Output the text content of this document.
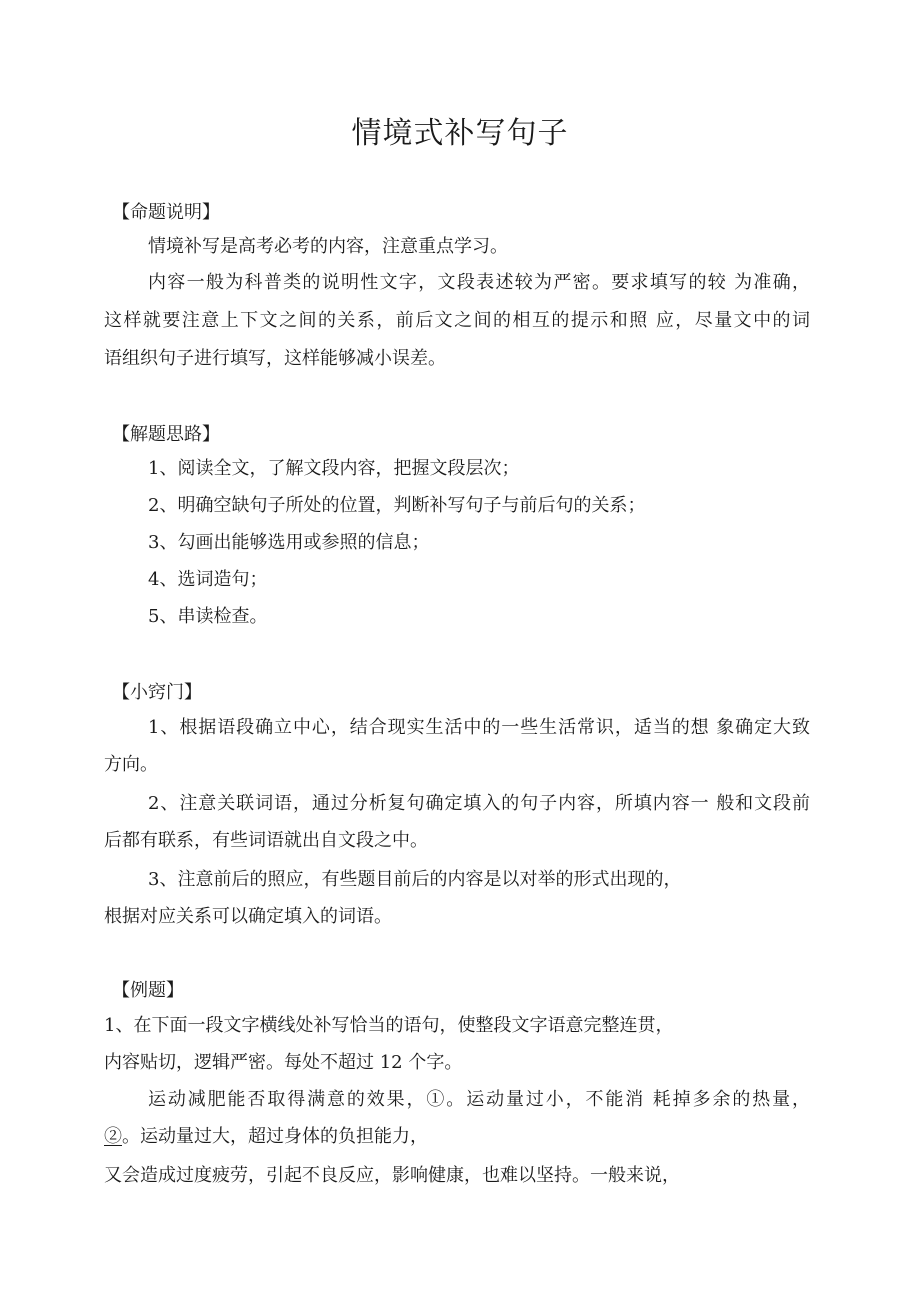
情境式补写句子

【命题说明】

情境补写是高考必考的内容，注意重点学习。

内容一般为科普类的说明性文字，文段表述较为严密。要求填写的较 为准确，

这样就要注意上下文之间的关系，前后文之间的相互的提示和照 应，尽量文中的词

语组织句子进行填写，这样能够减小误差。

【解题思路】

1、阅读全文，了解文段内容，把握文段层次；

2、明确空缺句子所处的位置，判断补写句子与前后句的关系；

3、勾画出能够选用或参照的信息；

4、选词造句；

5、串读检查。

【小窍门】

1、根据语段确立中心，结合现实生活中的一些生活常识，适当的想 象确定大致

方向。

2、注意关联词语，通过分析复句确定填入的句子内容，所填内容一 般和文段前

后都有联系，有些词语就出自文段之中。

3、注意前后的照应，有些题目前后的内容是以对举的形式出现的，

根据对应关系可以确定填入的词语。

【例题】

1、在下面一段文字横线处补写恰当的语句，使整段文字语意完整连贯，

内容贴切，逻辑严密。每处不超过 12 个字。

运动减肥能否取得满意的效果，①。运动量过小，不能消 耗掉多余的热量，

②。运动量过大，超过身体的负担能力，

又会造成过度疲劳，引起不良反应，影响健康，也难以坚持。一般来说，
